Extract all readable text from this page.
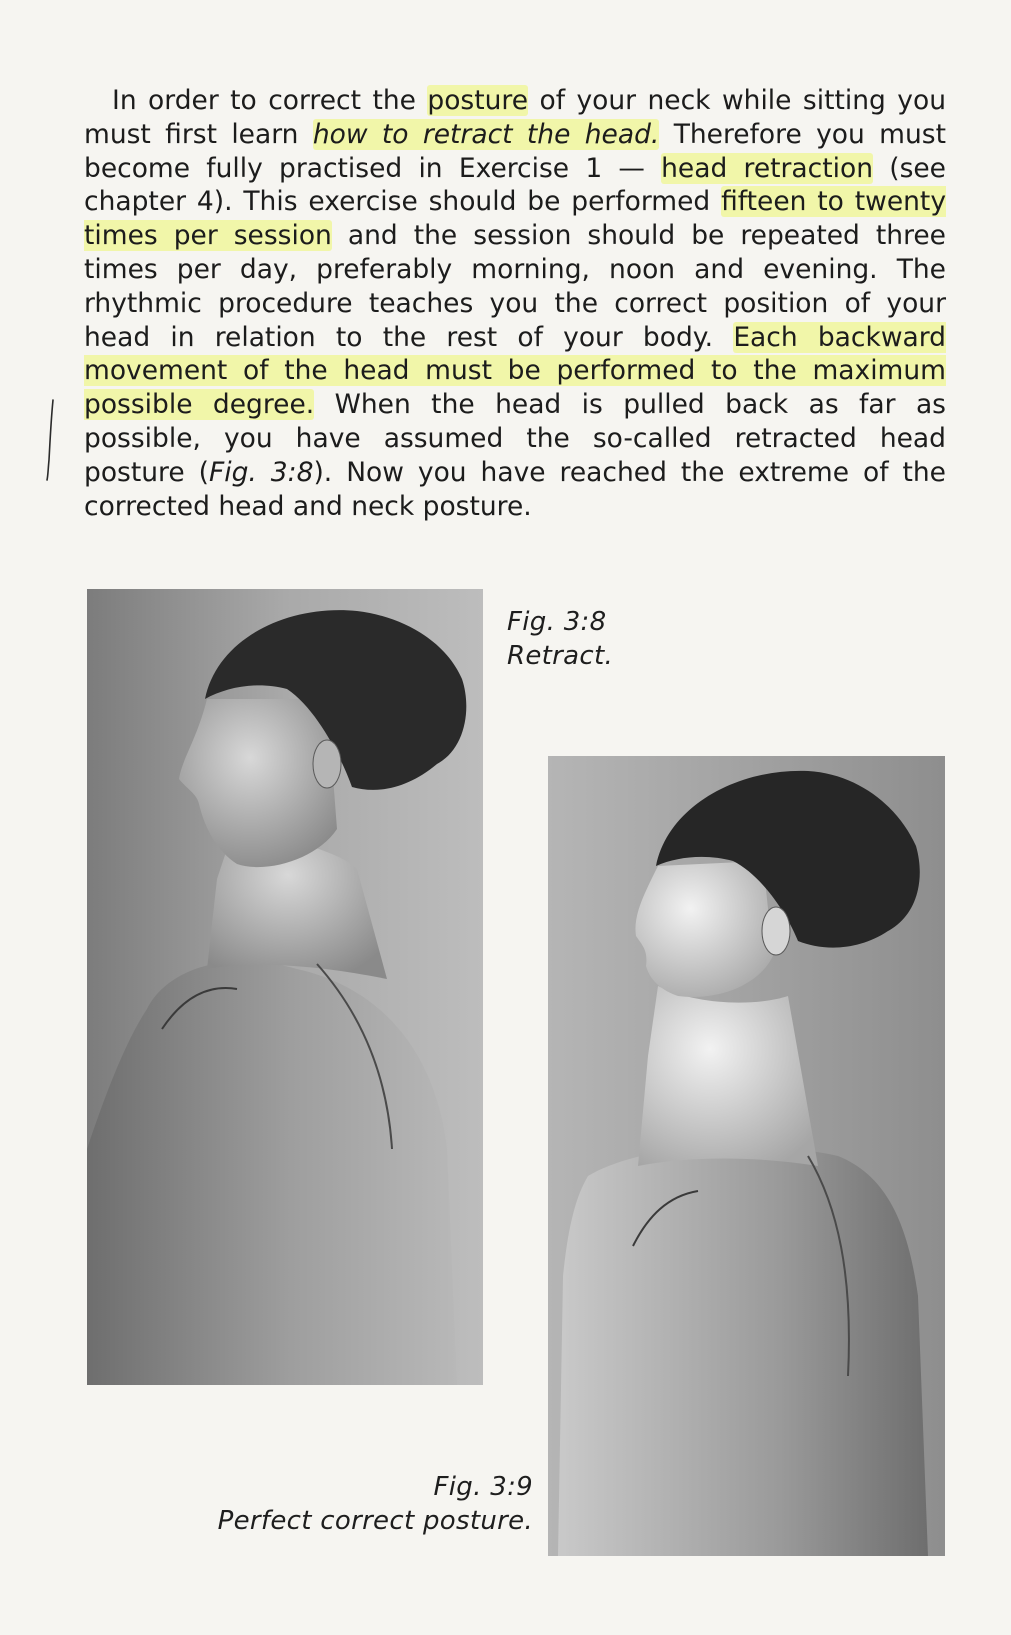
In order to correct the posture of your neck while sitting you must first learn how to retract the head. Therefore you must become fully practised in Exercise 1 — head retraction (see chapter 4). This exercise should be performed fifteen to twenty times per session and the session should be repeated three times per day, preferably morning, noon and evening. The rhythmic procedure teaches you the correct position of your head in relation to the rest of your body. Each backward movement of the head must be performed to the maximum possible degree. When the head is pulled back as far as possible, you have assumed the so-called retracted head posture (Fig. 3:8). Now you have reached the extreme of the corrected head and neck posture.

Fig. 3:8
Retract.
Fig. 3:9
Perfect correct posture.
